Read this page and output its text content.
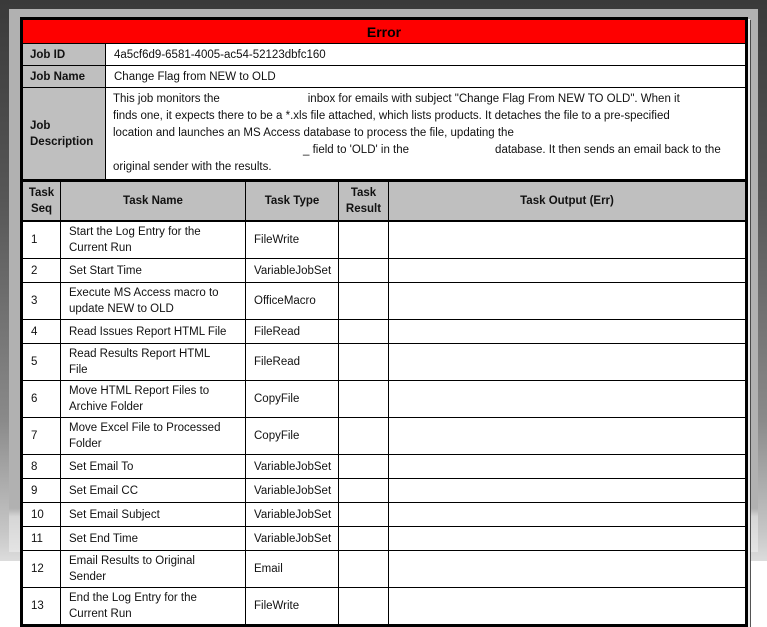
Error	
Job ID	4a5cf6d9-6581-4005-ac54-52123dbfc160
Job Name	Change Flag from NEW to OLD
Job Description	This job monitors the inbox for emails with subject "Change Flag From NEW TO OLD". When it
finds one, it expects there to be a *.xls file attached, which lists products. It detaches the file to a pre-specified
location and launches an MS Access database to process the file, updating the
_ field to 'OLD' in the database. It then sends an email back to the
original sender with the results.
Task Seq	Task Name	Task Type	Task Result	Task Output (Err)
1	Start the Log Entry for the Current Run	FileWrite		
2	Set Start Time	VariableJobSet		
3	Execute MS Access macro to update NEW to OLD	OfficeMacro		
4	Read Issues Report HTML File	FileRead		
5	Read Results Report HTML File	FileRead		
6	Move HTML Report Files to Archive Folder	CopyFile		
7	Move Excel File to Processed Folder	CopyFile		
8	Set Email To	VariableJobSet		
9	Set Email CC	VariableJobSet		
10	Set Email Subject	VariableJobSet		
11	Set End Time	VariableJobSet		
12	Email Results to Original Sender	Email		
13	End the Log Entry for the Current Run	FileWrite		
